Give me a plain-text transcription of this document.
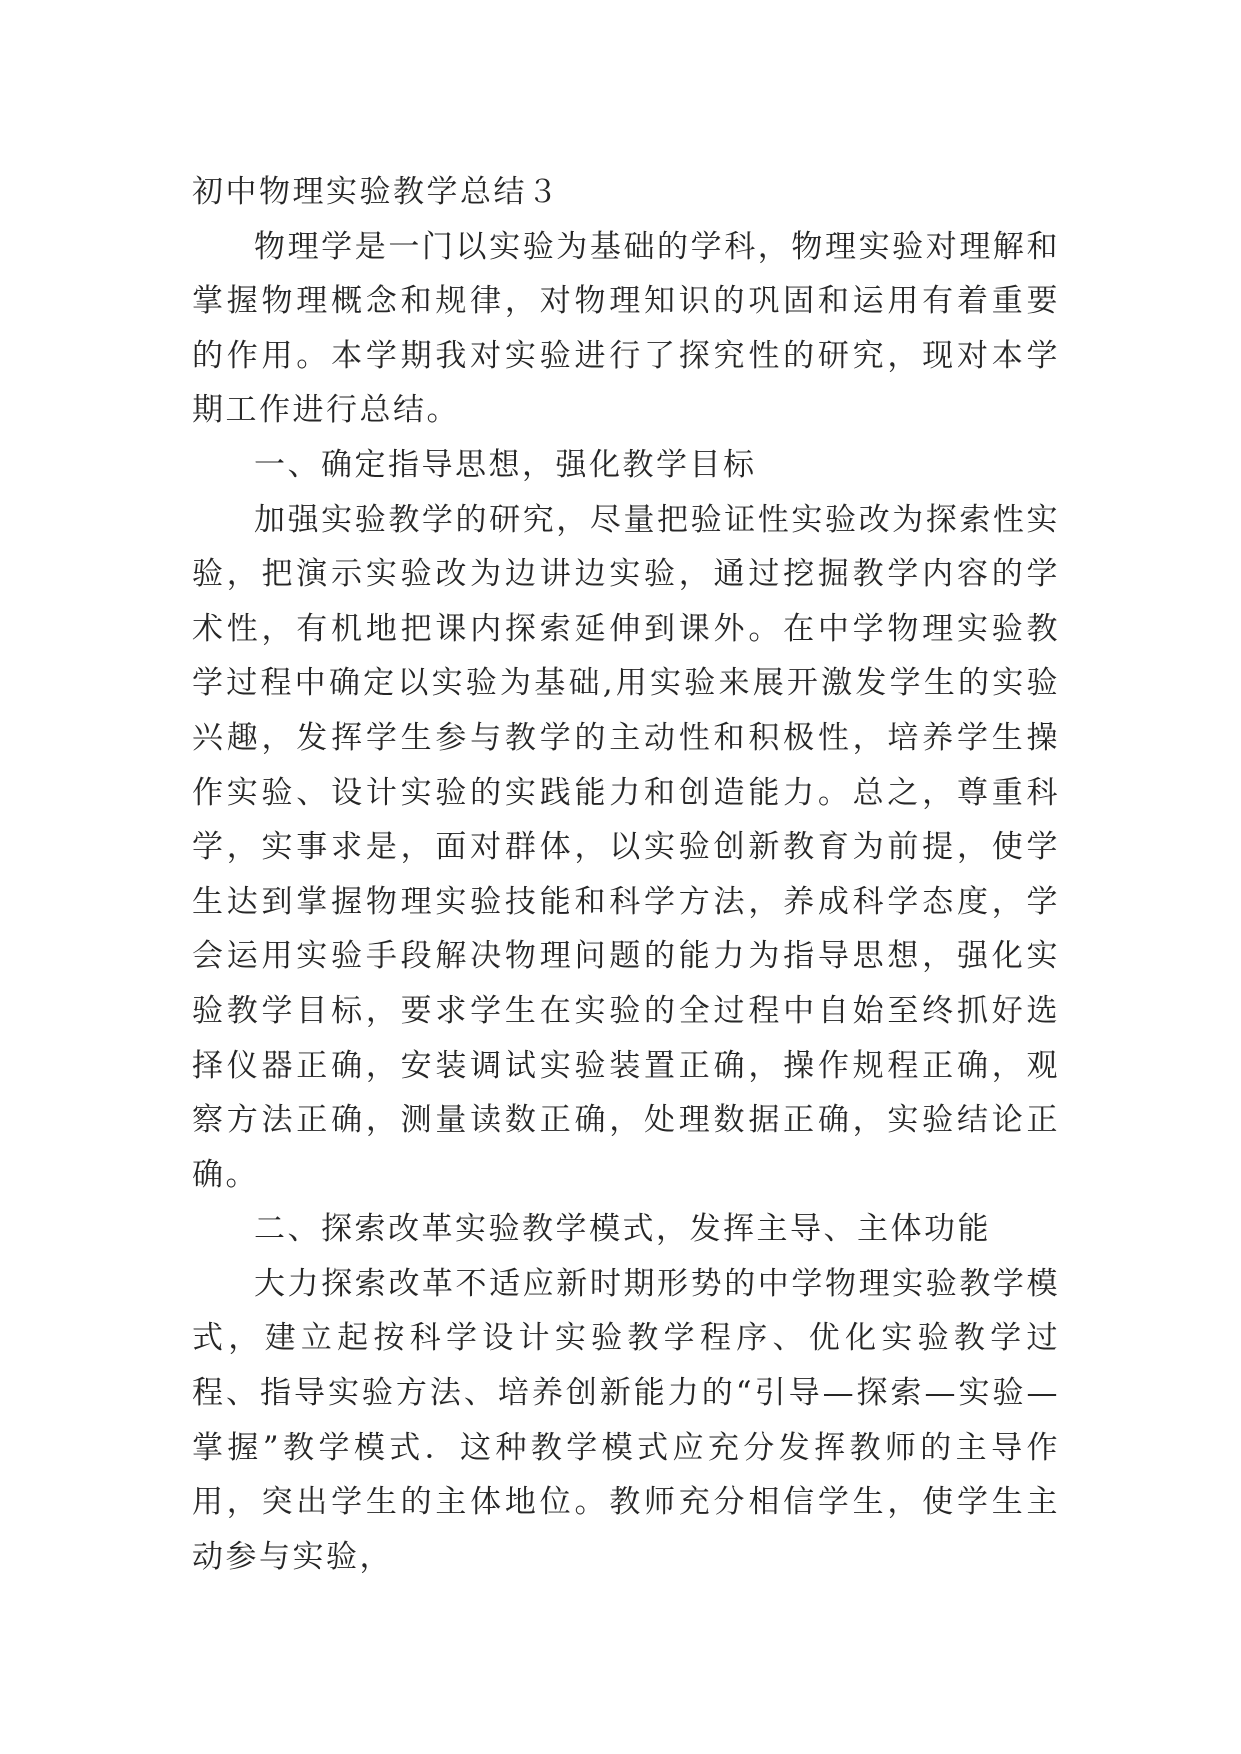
初中物理实验教学总结３

物理学是一门以实验为基础的学科，物理实验对理解和掌握物理概念和规律，对物理知识的巩固和运用有着重要的作用。本学期我对实验进行了探究性的研究，现对本学期工作进行总结。

一、确定指导思想，强化教学目标

加强实验教学的研究，尽量把验证性实验改为探索性实验，把演示实验改为边讲边实验，通过挖掘教学内容的学术性，有机地把课内探索延伸到课外。在中学物理实验教学过程中确定以实验为基础,用实验来展开激发学生的实验兴趣，发挥学生参与教学的主动性和积极性，培养学生操作实验、设计实验的实践能力和创造能力。总之，尊重科学，实事求是，面对群体，以实验创新教育为前提，使学生达到掌握物理实验技能和科学方法，养成科学态度，学会运用实验手段解决物理问题的能力为指导思想，强化实验教学目标，要求学生在实验的全过程中自始至终抓好选择仪器正确，安装调试实验装置正确，操作规程正确，观察方法正确，测量读数正确，处理数据正确，实验结论正确。

二、探索改革实验教学模式，发挥主导、主体功能

大力探索改革不适应新时期形势的中学物理实验教学模式，建立起按科学设计实验教学程序、优化实验教学过程、指导实验方法、培养创新能力的“引导—探索—实验—掌握”教学模式．这种教学模式应充分发挥教师的主导作用，突出学生的主体地位。教师充分相信学生，使学生主动参与实验，
